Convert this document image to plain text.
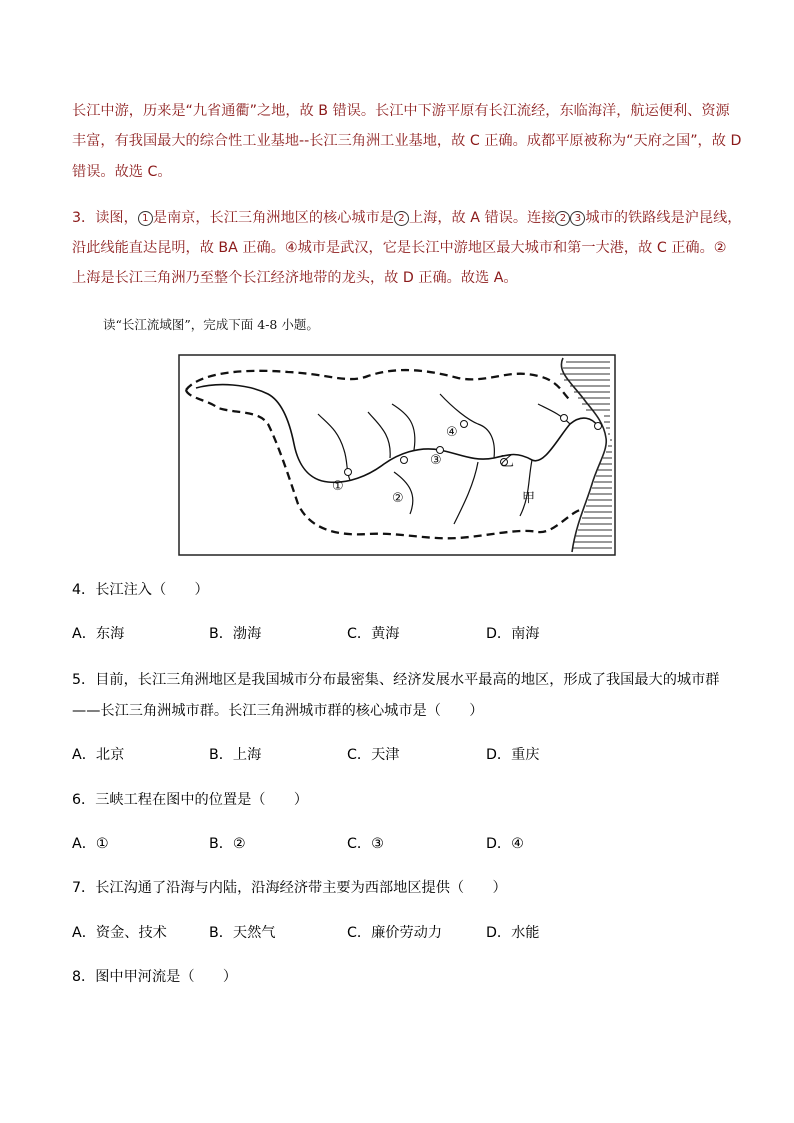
长江中游，历来是“九省通衢”之地，故 B 错误。长江中下游平原有长江流经，东临海洋，航运便利、资源
丰富，有我国最大的综合性工业基地--长江三角洲工业基地，故 C 正确。成都平原被称为“天府之国”，故 D
错误。故选 C。
3．读图， 1 是南京，长江三角洲地区的核心城市是 2 上海，故 A 错误。连接 2 3 城市的铁路线是沪昆线，
沿此线能直达昆明，故 BA 正确。④城市是武汉，它是长江中游地区最大城市和第一大港，故 C 正确。②
上海是长江三角洲乃至整个长江经济地带的龙头，故 D 正确。故选 A。
读“长江流域图”，完成下面 4-8 小题。
①
②
③
④
乙
甲
4．长江注入（　　）
A．东海	B．渤海	C．黄海	D．南海
5．目前，长江三角洲地区是我国城市分布最密集、经济发展水平最高的地区，形成了我国最大的城市群
——长江三角洲城市群。长江三角洲城市群的核心城市是（　　）
A．北京	B．上海	C．天津	D．重庆
6．三峡工程在图中的位置是（　　）
A．①	B．②	C．③	D．④
7．长江沟通了沿海与内陆，沿海经济带主要为西部地区提供（　　）
A．资金、技术	B．天然气	C．廉价劳动力	D．水能
8．图中甲河流是（　　）
